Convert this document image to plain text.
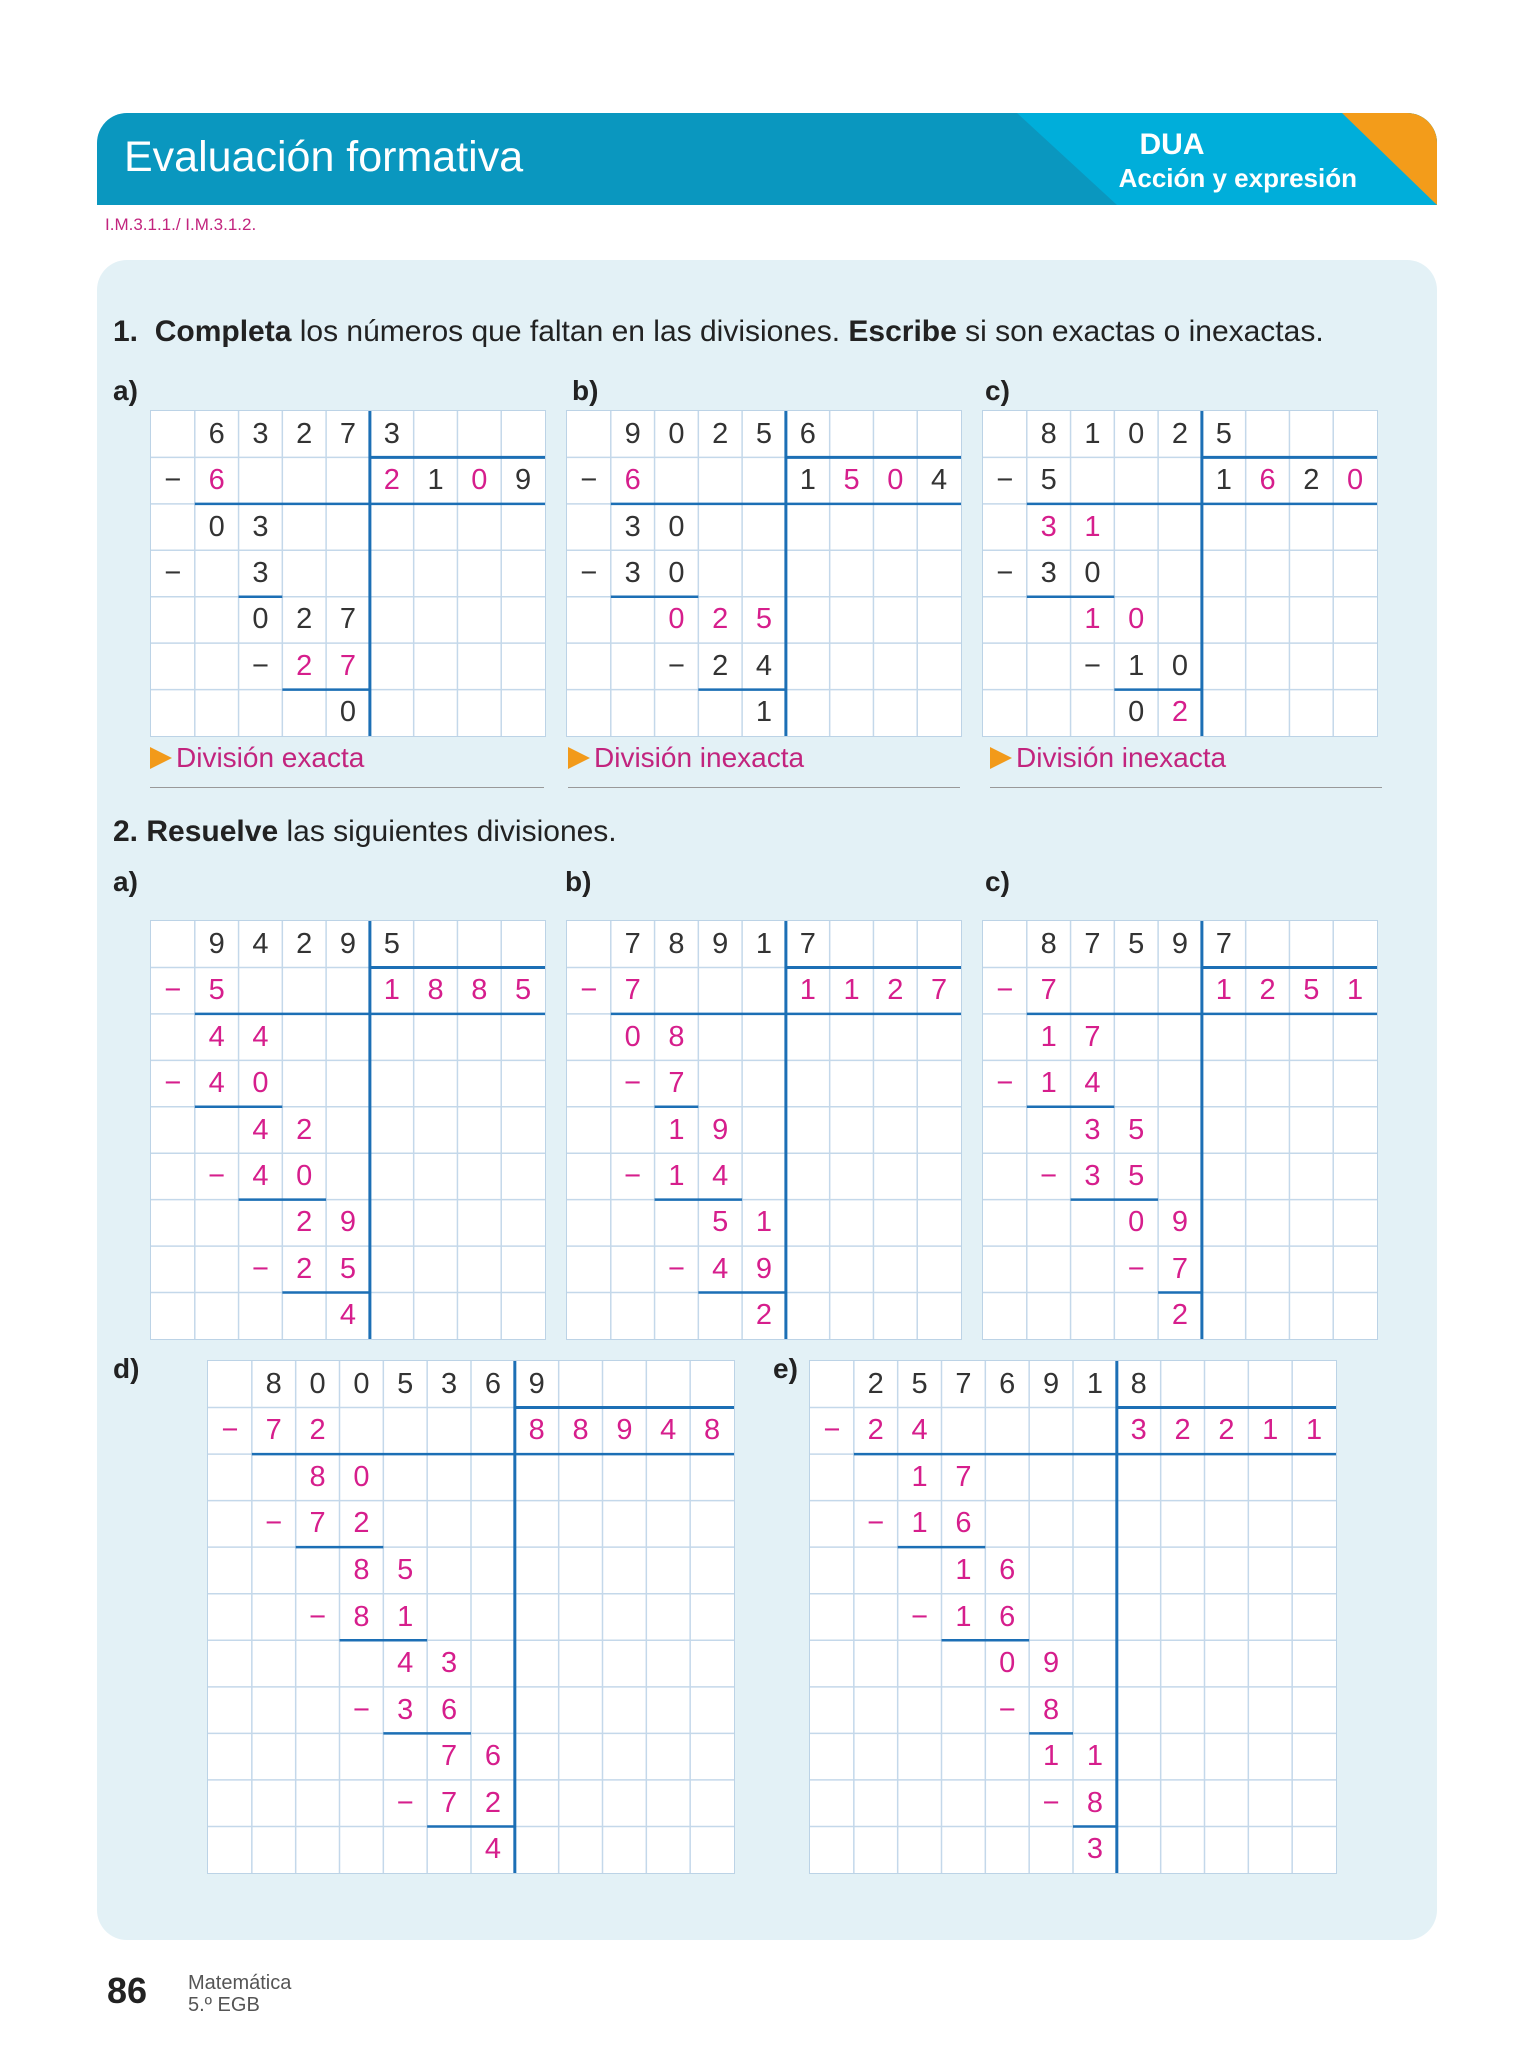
Evaluación formativa	DUA
Acción y expresión
I.M.3.1.1./ I.M.3.1.2.
1. Completa los números que faltan en las divisiones. Escribe si son exactas o inexactas.
a)	b)	c)
6 3 2 7 3
− 6	2 1 0 9
0 3
−	3
0 2 7
− 2 7
0
9 0 2 5 6
− 6	1 5 0 4
3 0
− 3 0
0 2 5
− 2 4
1
8 1 0 2 5
− 5	1 6 2 0
3 1
− 3 0
1 0
− 1 0
0 2
División exacta	División inexacta	División inexacta
2. Resuelve las siguientes divisiones.
a)	b)	c)
9 4 2 9 5
− 5	1 8 8 5
4 4
− 4 0
4 2
− 4 0
2 9
− 2 5
4
7 8 9 1 7
− 7	1 1 2 7
0 8
− 7
1 9
− 1 4
5 1
− 4 9
2
8 7 5 9 7
− 7	1 2 5 1
1 7
− 1 4
3 5
− 3 5
0 9
− 7
2
d)	e)
8 0 0 5 3 6 9
− 7 2	8 8 9 4 8
8 0
− 7 2
8 5
− 8 1
4 3
− 3 6
7 6
− 7 2
4
2 5 7 6 9 1 8
− 2 4	3 2 2 1 1
1 7
− 1 6
1 6
− 1 6
0 9
− 8
1 1
− 8
3
86 Matemática
5.º EGB
